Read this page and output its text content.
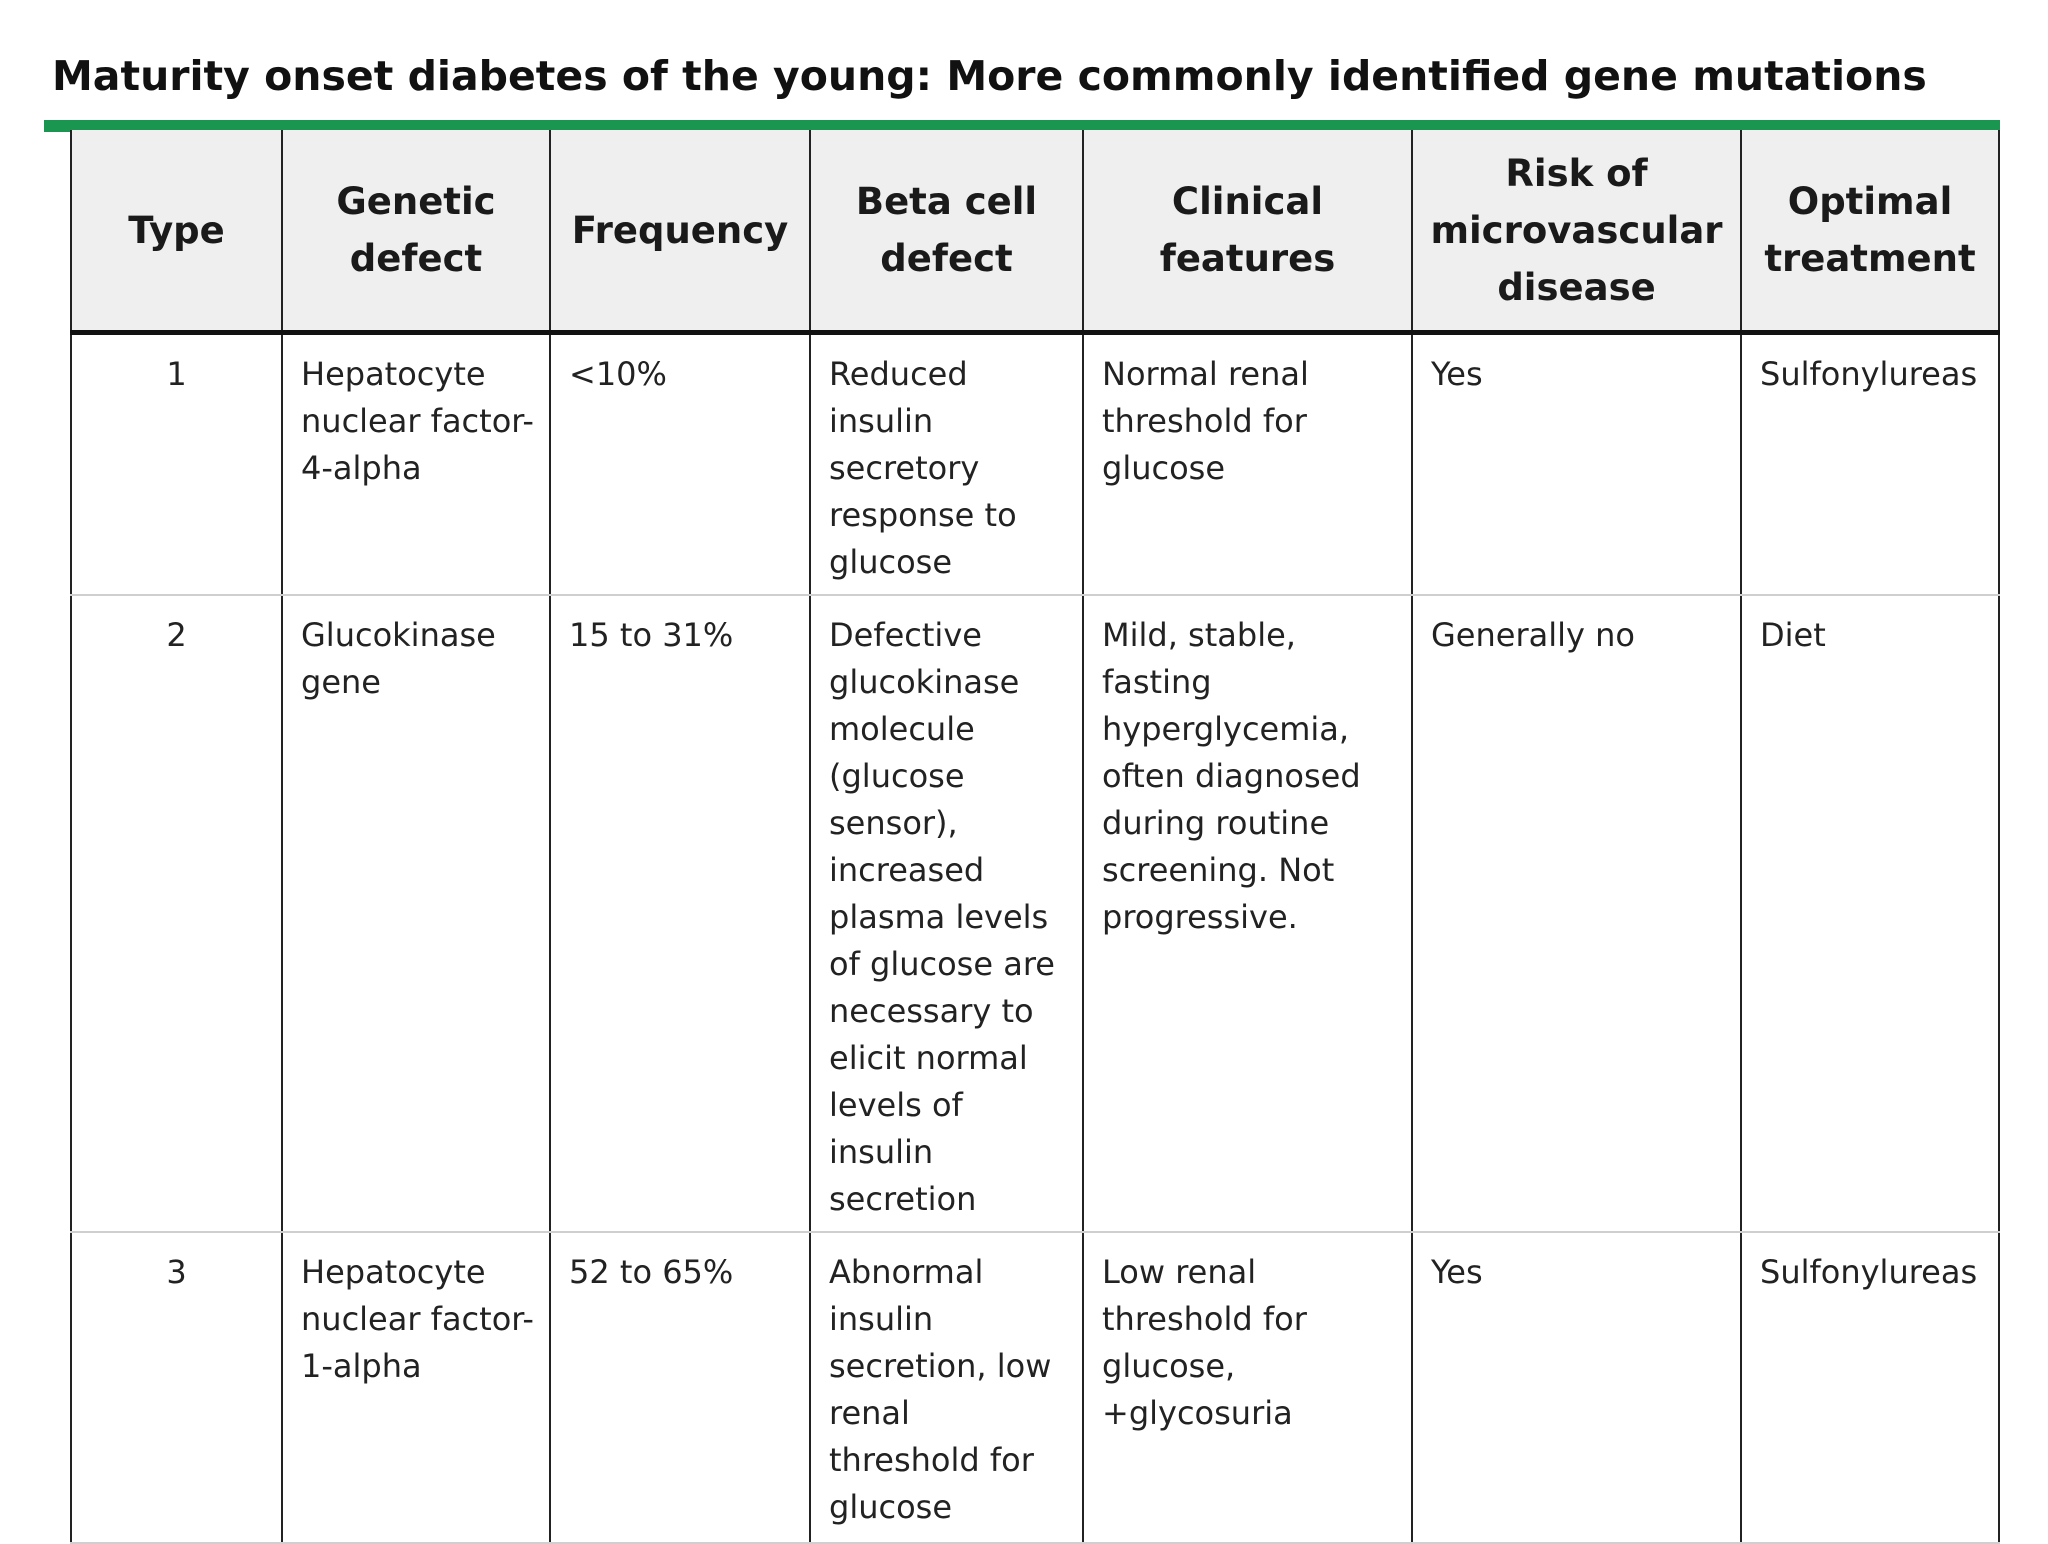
Maturity onset diabetes of the young: More commonly identified gene mutations
Type	Genetic defect	Frequency	Beta cell defect	Clinical features	Risk of microvascular disease	Optimal treatment
1	Hepatocyte nuclear factor-4-alpha	<10%	Reduced insulin secretory response to glucose	Normal renal threshold for glucose	Yes	Sulfonylureas
2	Glucokinase gene	15 to 31%	Defective glucokinase molecule (glucose sensor), increased plasma levels of glucose are necessary to elicit normal levels of insulin secretion	Mild, stable, fasting hyperglycemia, often diagnosed during routine screening. Not progressive.	Generally no	Diet
3	Hepatocyte nuclear factor-1-alpha	52 to 65%	Abnormal insulin secretion, low renal threshold for glucose	Low renal threshold for glucose, +glycosuria	Yes	Sulfonylureas
